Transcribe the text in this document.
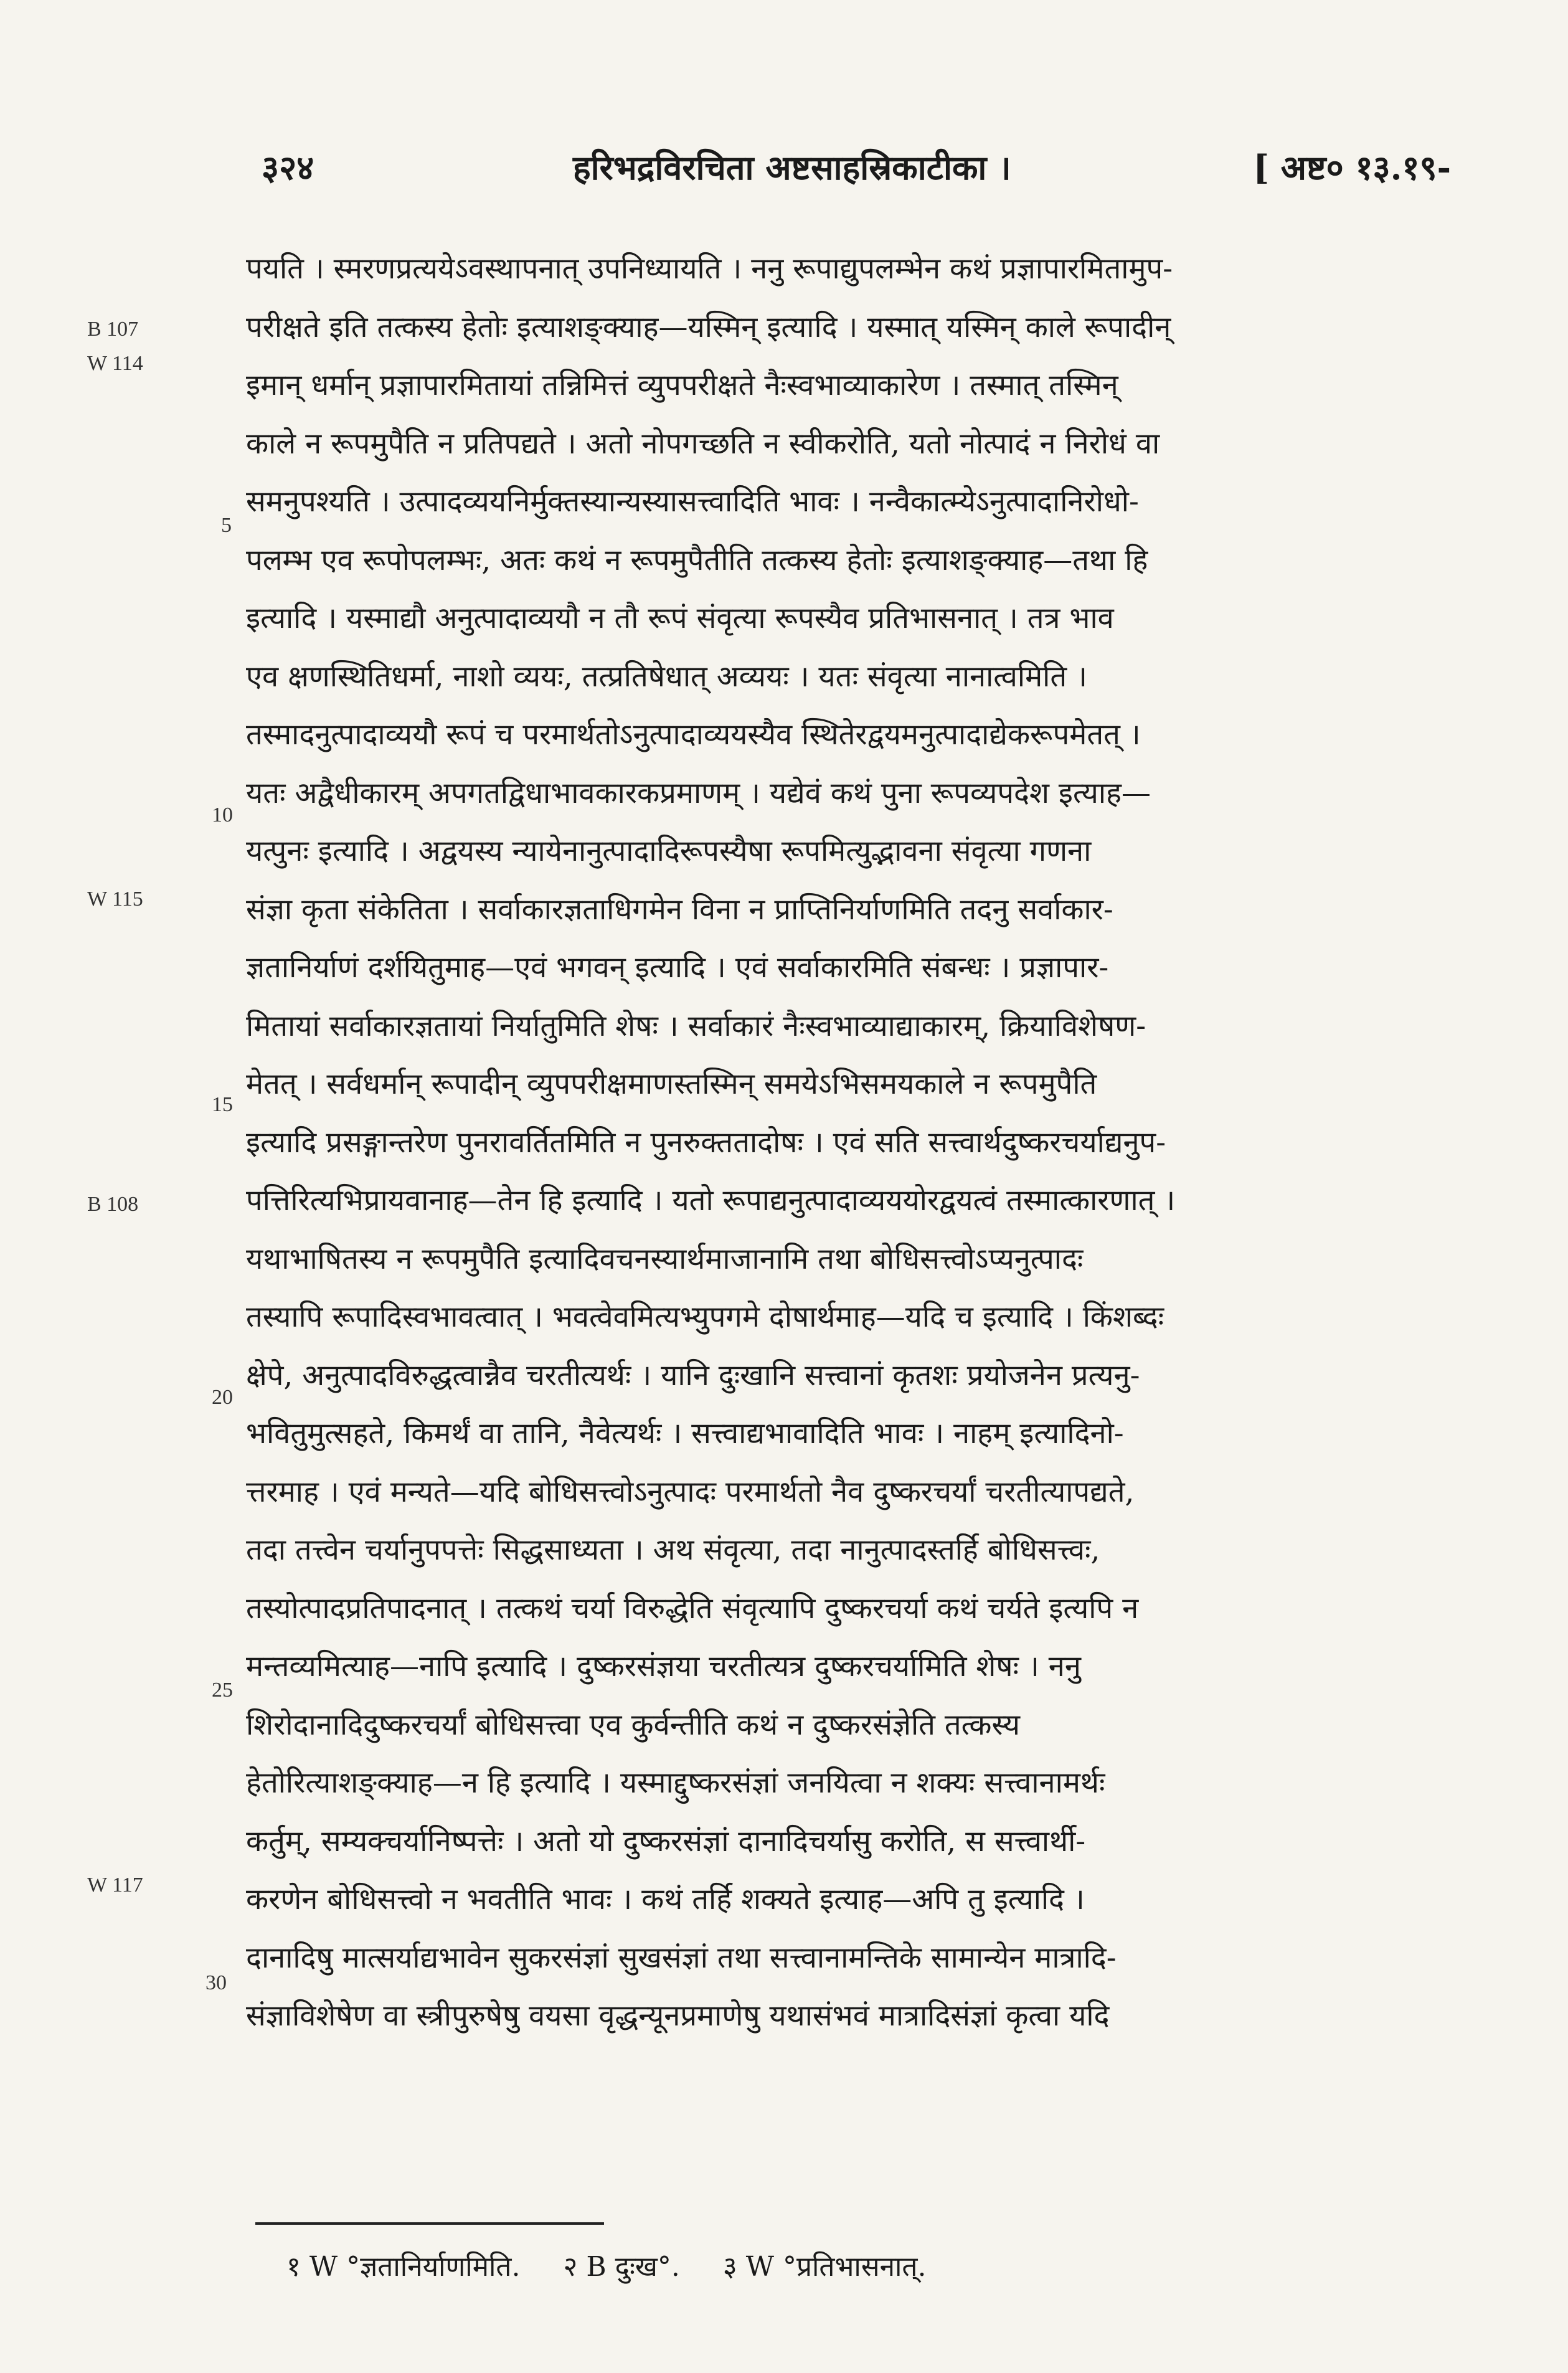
३२४	हरिभद्रविरचिता अष्टसाहस्रिकाटीका ।	[ अष्ट० १३.१९-
B 107
W 114
W 115
B 108
W 117
5
10
15
20
25
30
पयति । स्मरणप्रत्ययेऽवस्थापनात् उपनिध्यायति । ननु रूपाद्युपलम्भेन कथं प्रज्ञापारमितामुप-
परीक्षते इति तत्कस्य हेतोः इत्याशङ्क्याह—यस्मिन् इत्यादि । यस्मात् यस्मिन् काले रूपादीन्
इमान् धर्मान् प्रज्ञापारमितायां तन्निमित्तं व्युपपरीक्षते नैःस्वभाव्याकारेण । तस्मात् तस्मिन्
काले न रूपमुपैति न प्रतिपद्यते । अतो नोपगच्छति न स्वीकरोति, यतो नोत्पादं न निरोधं वा
समनुपश्यति । उत्पादव्ययनिर्मुक्तस्यान्यस्यासत्त्वादिति भावः । नन्वैकात्म्येऽनुत्पादानिरोधो-
पलम्भ एव रूपोपलम्भः, अतः कथं न रूपमुपैतीति तत्कस्य हेतोः इत्याशङ्क्याह—तथा हि
इत्यादि । यस्माद्यौ अनुत्पादाव्ययौ न तौ रूपं संवृत्या रूपस्यैव प्रतिभासनात् । तत्र भाव
एव क्षणस्थितिधर्मा, नाशो व्ययः, तत्प्रतिषेधात् अव्ययः । यतः संवृत्या नानात्वमिति ।
तस्मादनुत्पादाव्ययौ रूपं च परमार्थतोऽनुत्पादाव्ययस्यैव स्थितेरद्वयमनुत्पादाद्येकरूपमेतत् ।
यतः अद्वैधीकारम् अपगतद्विधाभावकारकप्रमाणम् । यद्येवं कथं पुना रूपव्यपदेश इत्याह—
यत्पुनः इत्यादि । अद्वयस्य न्यायेनानुत्पादादिरूपस्यैषा रूपमित्युद्भावना संवृत्या गणना
संज्ञा कृता संकेतिता । सर्वाकारज्ञताधिगमेन विना न प्राप्तिनिर्याणमिति तदनु सर्वाकार-
ज्ञतानिर्याणं दर्शयितुमाह—एवं भगवन् इत्यादि । एवं सर्वाकारमिति संबन्धः । प्रज्ञापार-
मितायां सर्वाकारज्ञतायां निर्यातुमिति शेषः । सर्वाकारं नैःस्वभाव्याद्याकारम्, क्रियाविशेषण-
मेतत् । सर्वधर्मान् रूपादीन् व्युपपरीक्षमाणस्तस्मिन् समयेऽभिसमयकाले न रूपमुपैति
इत्यादि प्रसङ्गान्तरेण पुनरावर्तितमिति न पुनरुक्ततादोषः । एवं सति सत्त्वार्थदुष्करचर्याद्यनुप-
पत्तिरित्यभिप्रायवानाह—तेन हि इत्यादि । यतो रूपाद्यनुत्पादाव्यययोरद्वयत्वं तस्मात्कारणात् ।
यथाभाषितस्य न रूपमुपैति इत्यादिवचनस्यार्थमाजानामि तथा बोधिसत्त्वोऽप्यनुत्पादः
तस्यापि रूपादिस्वभावत्वात् । भवत्वेवमित्यभ्युपगमे दोषार्थमाह—यदि च इत्यादि । किंशब्दः
क्षेपे, अनुत्पादविरुद्धत्वान्नैव चरतीत्यर्थः । यानि दुःखानि सत्त्वानां कृतशः प्रयोजनेन प्रत्यनु-
भवितुमुत्सहते, किमर्थं वा तानि, नैवेत्यर्थः । सत्त्वाद्यभावादिति भावः । नाहम् इत्यादिनो-
त्तरमाह । एवं मन्यते—यदि बोधिसत्त्वोऽनुत्पादः परमार्थतो नैव दुष्करचर्यां चरतीत्यापद्यते,
तदा तत्त्वेन चर्यानुपपत्तेः सिद्धसाध्यता । अथ संवृत्या, तदा नानुत्पादस्तर्हि बोधिसत्त्वः,
तस्योत्पादप्रतिपादनात् । तत्कथं चर्या विरुद्धेति संवृत्यापि दुष्करचर्या कथं चर्यते इत्यपि न
मन्तव्यमित्याह—नापि इत्यादि । दुष्करसंज्ञया चरतीत्यत्र दुष्करचर्यामिति शेषः । ननु
शिरोदानादिदुष्करचर्यां बोधिसत्त्वा एव कुर्वन्तीति कथं न दुष्करसंज्ञेति तत्कस्य
हेतोरित्याशङ्क्याह—न हि इत्यादि । यस्माद्दुष्करसंज्ञां जनयित्वा न शक्यः सत्त्वानामर्थः
कर्तुम्, सम्यक्चर्यानिष्पत्तेः । अतो यो दुष्करसंज्ञां दानादिचर्यासु करोति, स सत्त्वार्थी-
करणेन बोधिसत्त्वो न भवतीति भावः । कथं तर्हि शक्यते इत्याह—अपि तु इत्यादि ।
दानादिषु मात्सर्याद्यभावेन सुकरसंज्ञां सुखसंज्ञां तथा सत्त्वानामन्तिके सामान्येन मात्रादि-
संज्ञाविशेषेण वा स्त्रीपुरुषेषु वयसा वृद्धन्यूनप्रमाणेषु यथासंभवं मात्रादिसंज्ञां कृत्वा यदि
१ W °ज्ञतानिर्याणमिति. २ B दुःख°. ३ W °प्रतिभासनात्.
